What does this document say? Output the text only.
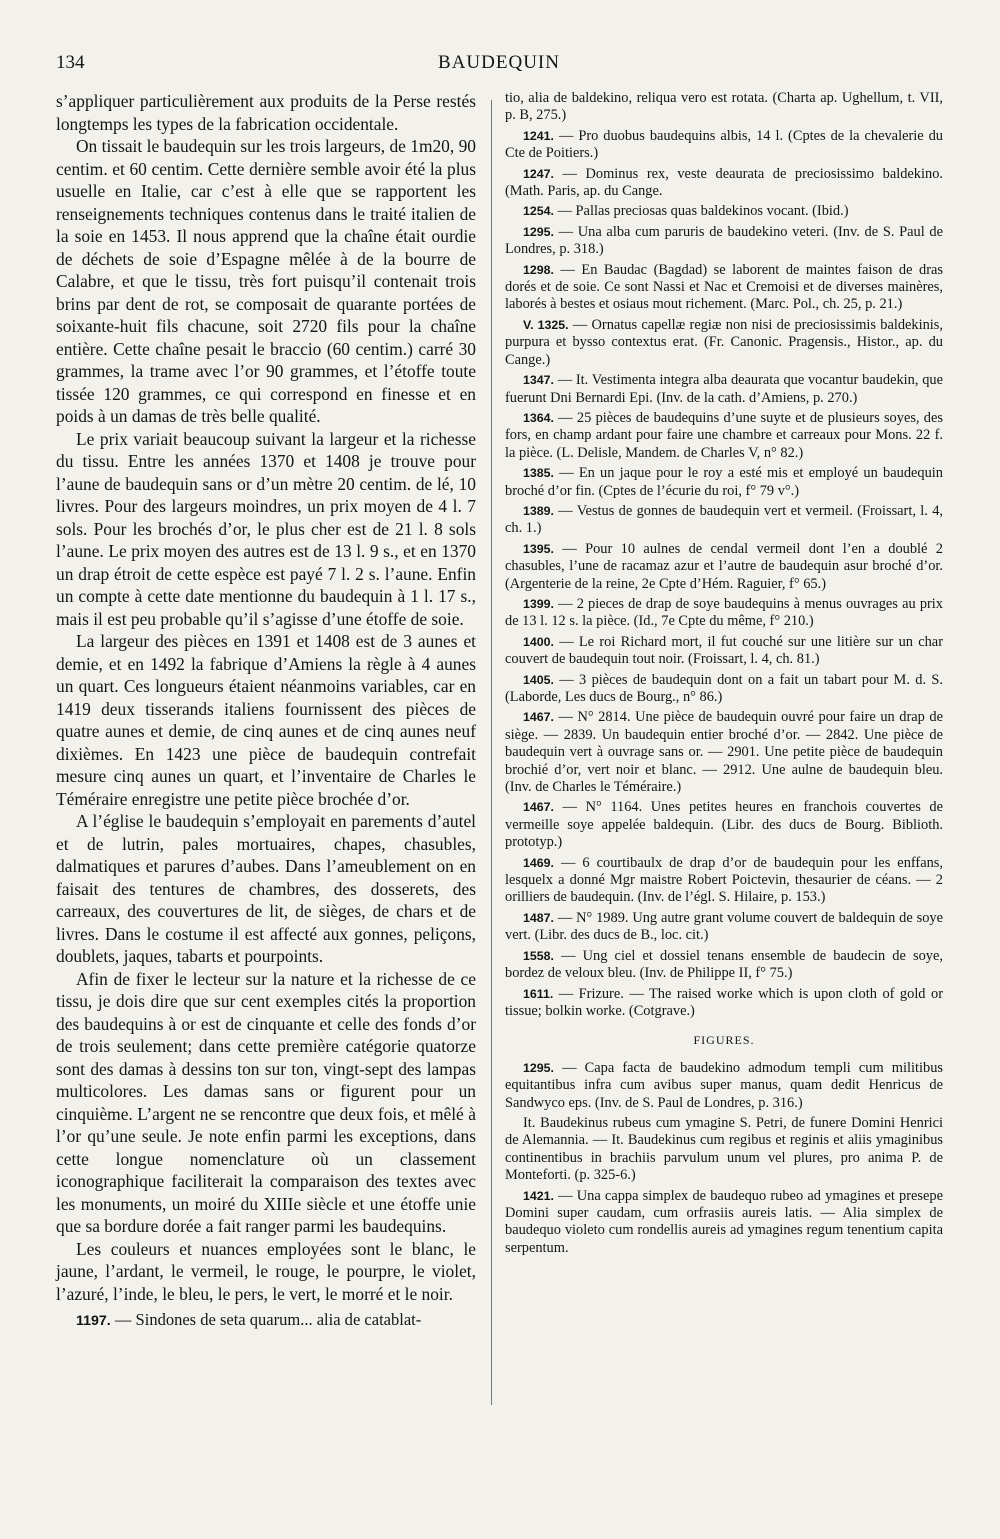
134	BAUDEQUIN

s’appliquer particulièrement aux produits de la Perse restés longtemps les types de la fabrication occidentale.

On tissait le baudequin sur les trois largeurs, de 1m20, 90 centim. et 60 centim. Cette dernière semble avoir été la plus usuelle en Italie, car c’est à elle que se rapportent les renseignements techniques contenus dans le traité italien de la soie en 1453. Il nous apprend que la chaîne était ourdie de déchets de soie d’Espagne mêlée à de la bourre de Calabre, et que le tissu, très fort puisqu’il contenait trois brins par dent de rot, se composait de quarante portées de soixante-huit fils chacune, soit 2720 fils pour la chaîne entière. Cette chaîne pesait le braccio (60 centim.) carré 30 grammes, la trame avec l’or 90 grammes, et l’étoffe toute tissée 120 grammes, ce qui correspond en finesse et en poids à un damas de très belle qualité.

Le prix variait beaucoup suivant la largeur et la richesse du tissu. Entre les années 1370 et 1408 je trouve pour l’aune de baudequin sans or d’un mètre 20 centim. de lé, 10 livres. Pour des largeurs moindres, un prix moyen de 4 l. 7 sols. Pour les brochés d’or, le plus cher est de 21 l. 8 sols l’aune. Le prix moyen des autres est de 13 l. 9 s., et en 1370 un drap étroit de cette espèce est payé 7 l. 2 s. l’aune. Enfin un compte à cette date mentionne du baudequin à 1 l. 17 s., mais il est peu probable qu’il s’agisse d’une étoffe de soie.

La largeur des pièces en 1391 et 1408 est de 3 aunes et demie, et en 1492 la fabrique d’Amiens la règle à 4 aunes un quart. Ces longueurs étaient néanmoins variables, car en 1419 deux tisserands italiens fournissent des pièces de quatre aunes et demie, de cinq aunes et de cinq aunes neuf dixièmes. En 1423 une pièce de baudequin contrefait mesure cinq aunes un quart, et l’inventaire de Charles le Téméraire enregistre une petite pièce brochée d’or.

A l’église le baudequin s’employait en parements d’autel et de lutrin, pales mortuaires, chapes, chasubles, dalmatiques et parures d’aubes. Dans l’ameublement on en faisait des tentures de chambres, des dosserets, des carreaux, des couvertures de lit, de sièges, de chars et de livres. Dans le costume il est affecté aux gonnes, peliçons, doublets, jaques, tabarts et pourpoints.

Afin de fixer le lecteur sur la nature et la richesse de ce tissu, je dois dire que sur cent exemples cités la proportion des baudequins à or est de cinquante et celle des fonds d’or de trois seulement; dans cette première catégorie quatorze sont des damas à dessins ton sur ton, vingt-sept des lampas multicolores. Les damas sans or figurent pour un cinquième. L’argent ne se rencontre que deux fois, et mêlé à l’or qu’une seule. Je note enfin parmi les exceptions, dans cette longue nomenclature où un classement iconographique faciliterait la comparaison des textes avec les monuments, un moiré du XIIIe siècle et une étoffe unie que sa bordure dorée a fait ranger parmi les baudequins.

Les couleurs et nuances employées sont le blanc, le jaune, l’ardant, le vermeil, le rouge, le pourpre, le violet, l’azuré, l’inde, le bleu, le pers, le vert, le morré et le noir.

1197. — Sindones de seta quarum... alia de catablat-

tio, alia de baldekino, reliqua vero est rotata. (Charta ap. Ughellum, t. VII, p. B, 275.)

1241. — Pro duobus baudequins albis, 14 l. (Cptes de la chevalerie du Cte de Poitiers.)

1247. — Dominus rex, veste deaurata de preciosissimo baldekino. (Math. Paris, ap. du Cange.

1254. — Pallas preciosas quas baldekinos vocant. (Ibid.)

1295. — Una alba cum paruris de baudekino veteri. (Inv. de S. Paul de Londres, p. 318.)

1298. — En Baudac (Bagdad) se laborent de maintes faison de dras dorés et de soie. Ce sont Nassi et Nac et Cremoisi et de diverses mainères, laborés à bestes et osiaus mout richement. (Marc. Pol., ch. 25, p. 21.)

V. 1325. — Ornatus capellæ regiæ non nisi de preciosissimis baldekinis, purpura et bysso contextus erat. (Fr. Canonic. Pragensis., Histor., ap. du Cange.)

1347. — It. Vestimenta integra alba deaurata que vocantur baudekin, que fuerunt Dni Bernardi Epi. (Inv. de la cath. d’Amiens, p. 270.)

1364. — 25 pièces de baudequins d’une suyte et de plusieurs soyes, des fors, en champ ardant pour faire une chambre et carreaux pour Mons. 22 f. la pièce. (L. Delisle, Mandem. de Charles V, n° 82.)

1385. — En un jaque pour le roy a esté mis et employé un baudequin broché d’or fin. (Cptes de l’écurie du roi, f° 79 v°.)

1389. — Vestus de gonnes de baudequin vert et vermeil. (Froissart, l. 4, ch. 1.)

1395. — Pour 10 aulnes de cendal vermeil dont l’en a doublé 2 chasubles, l’une de racamaz azur et l’autre de baudequin asur broché d’or. (Argenterie de la reine, 2e Cpte d’Hém. Raguier, f° 65.)

1399. — 2 pieces de drap de soye baudequins à menus ouvrages au prix de 13 l. 12 s. la pièce. (Id., 7e Cpte du même, f° 210.)

1400. — Le roi Richard mort, il fut couché sur une litière sur un char couvert de baudequin tout noir. (Froissart, l. 4, ch. 81.)

1405. — 3 pièces de baudequin dont on a fait un tabart pour M. d. S. (Laborde, Les ducs de Bourg., n° 86.)

1467. — N° 2814. Une pièce de baudequin ouvré pour faire un drap de siège. — 2839. Un baudequin entier broché d’or. — 2842. Une pièce de baudequin vert à ouvrage sans or. — 2901. Une petite pièce de baudequin brochié d’or, vert noir et blanc. — 2912. Une aulne de baudequin bleu. (Inv. de Charles le Téméraire.)

1467. — N° 1164. Unes petites heures en franchois couvertes de vermeille soye appelée baldequin. (Libr. des ducs de Bourg. Biblioth. prototyp.)

1469. — 6 courtibaulx de drap d’or de baudequin pour les enffans, lesquelx a donné Mgr maistre Robert Poictevin, thesaurier de céans. — 2 orilliers de baudequin. (Inv. de l’égl. S. Hilaire, p. 153.)

1487. — N° 1989. Ung autre grant volume couvert de baldequin de soye vert. (Libr. des ducs de B., loc. cit.)

1558. — Ung ciel et dossiel tenans ensemble de baudecin de soye, bordez de veloux bleu. (Inv. de Philippe II, f° 75.)

1611. — Frizure. — The raised worke which is upon cloth of gold or tissue; bolkin worke. (Cotgrave.)

FIGURES.

1295. — Capa facta de baudekino admodum templi cum militibus equitantibus infra cum avibus super manus, quam dedit Henricus de Sandwyco eps. (Inv. de S. Paul de Londres, p. 316.)

It. Baudekinus rubeus cum ymagine S. Petri, de funere Domini Henrici de Alemannia. — It. Baudekinus cum regibus et reginis et aliis ymaginibus continentibus in brachiis parvulum unum vel plures, pro anima P. de Monteforti. (p. 325-6.)

1421. — Una cappa simplex de baudequo rubeo ad ymagines et presepe Domini super caudam, cum orfrasiis aureis latis. — Alia simplex de baudequo violeto cum rondellis aureis ad ymagines regum tenentium capita serpentum.
